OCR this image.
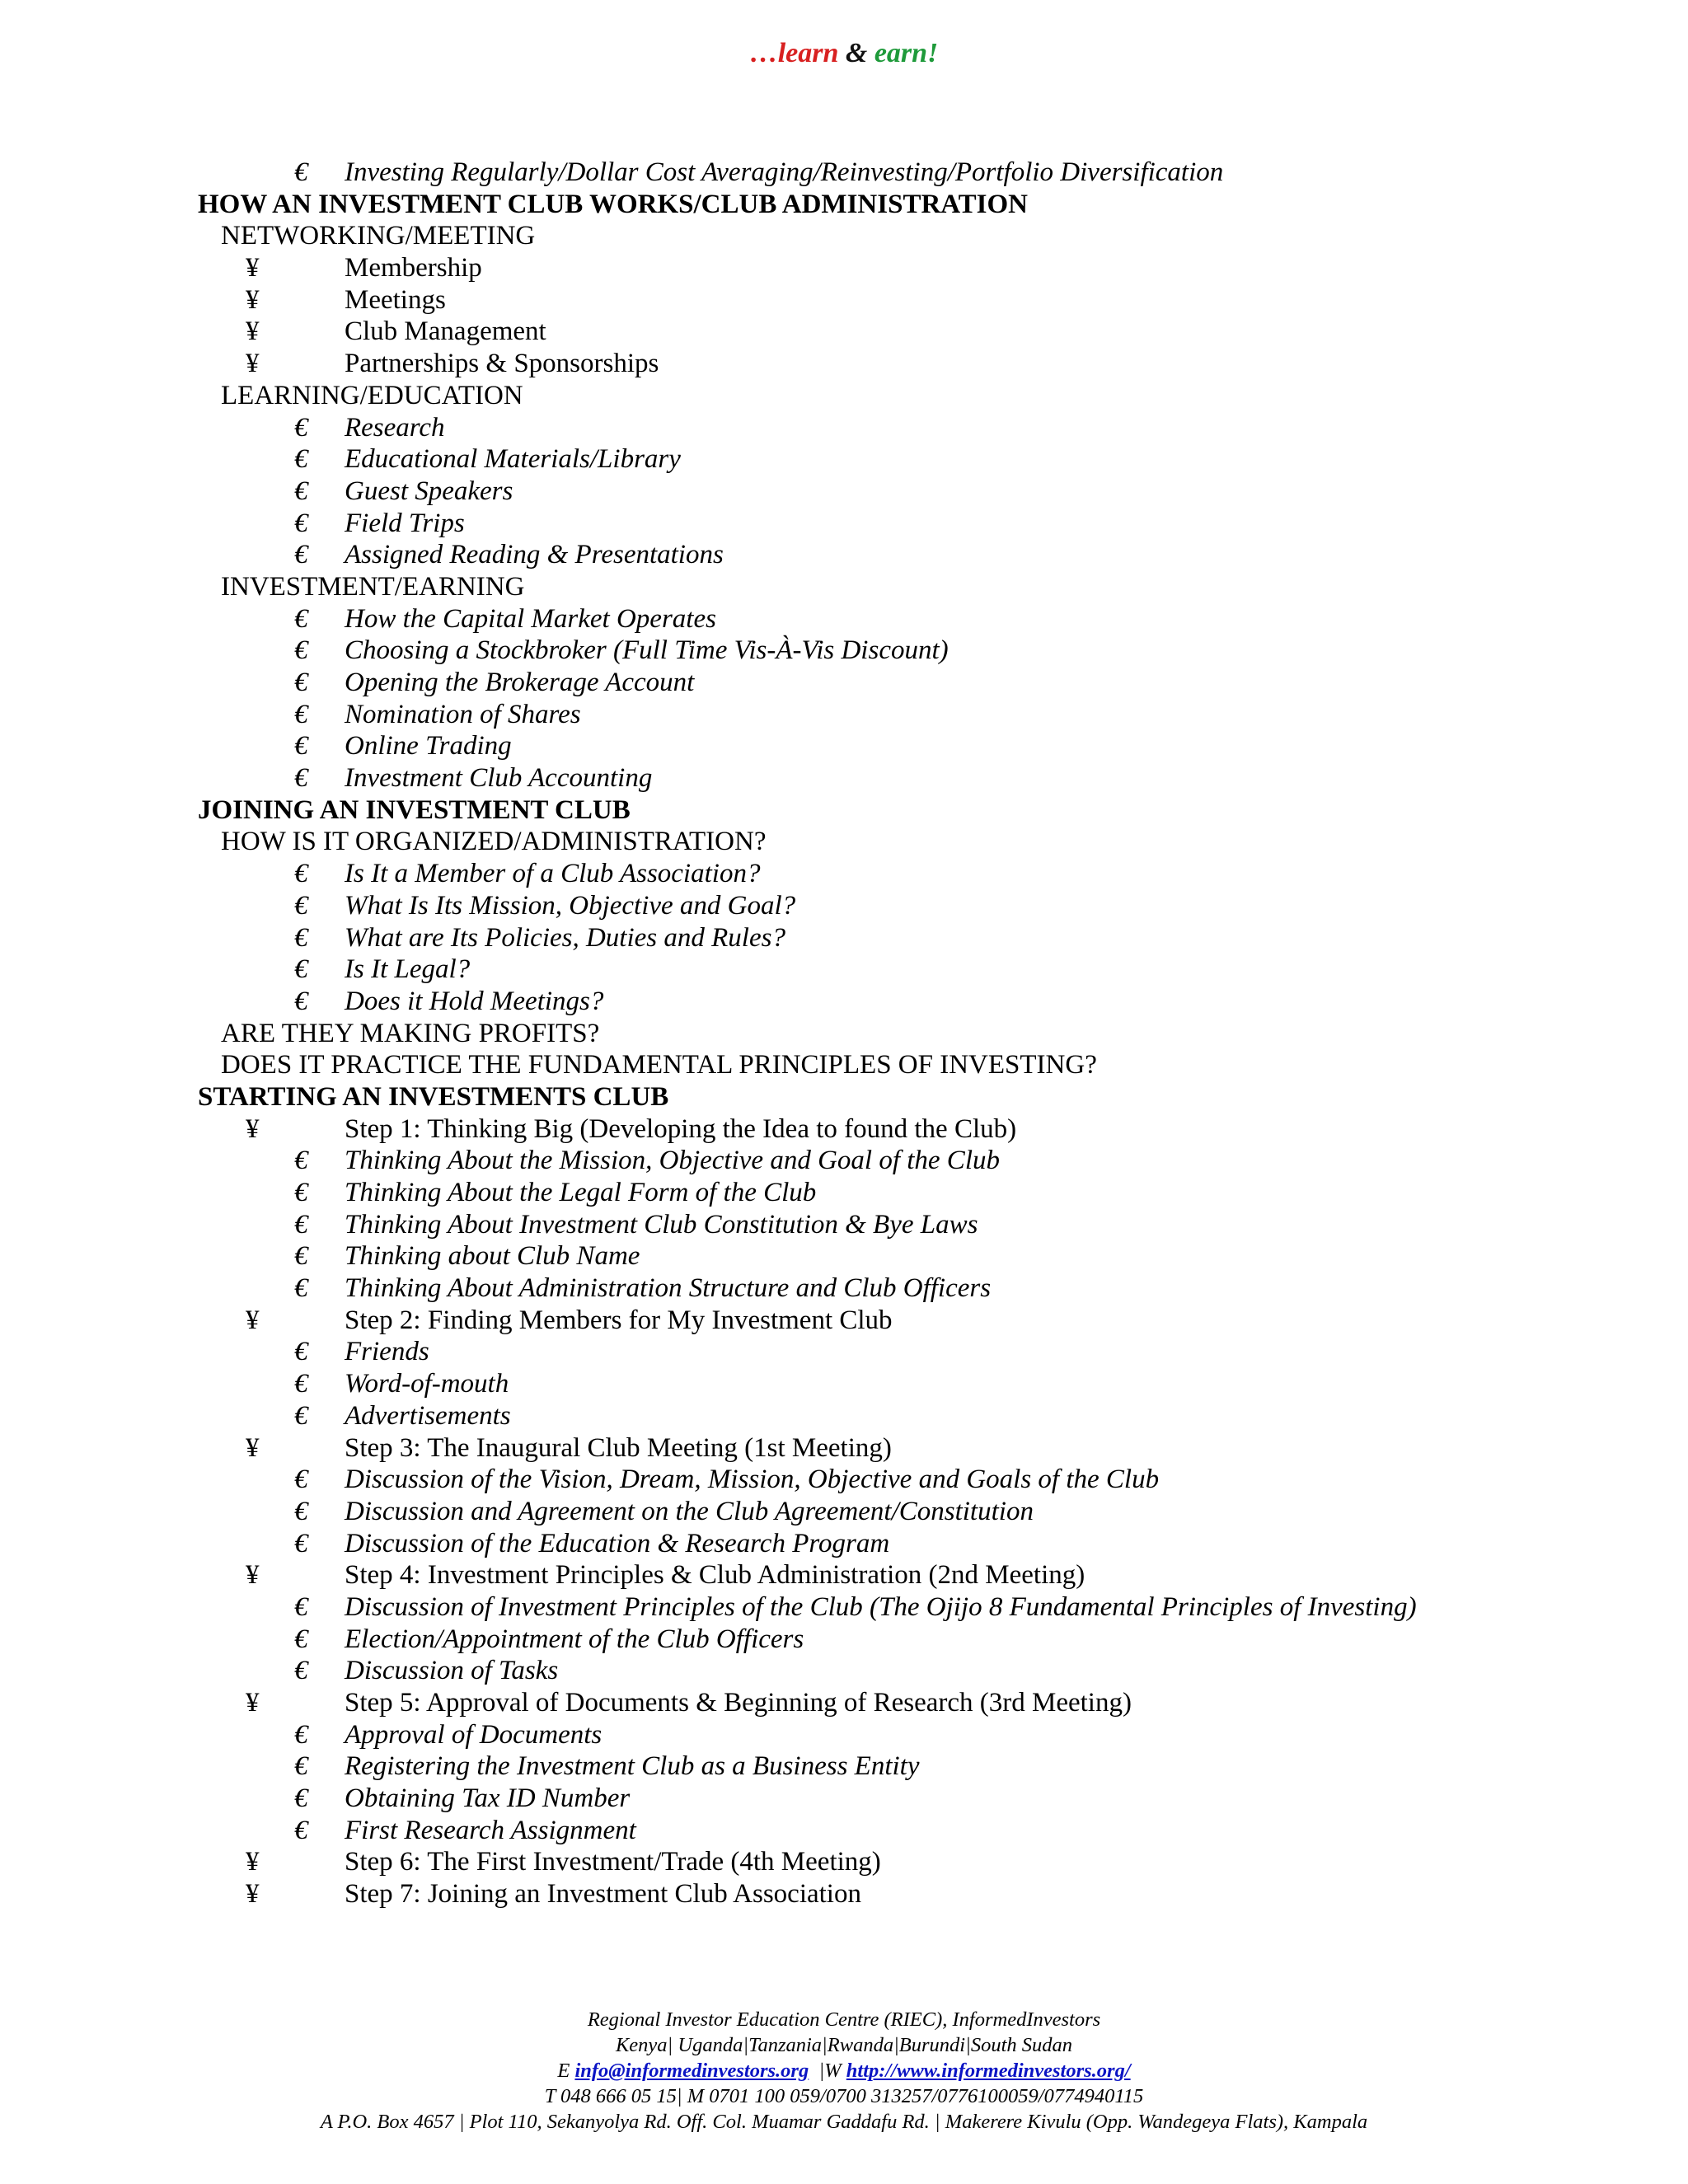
…learn & earn!
€ Investing Regularly/Dollar Cost Averaging/Reinvesting/Portfolio Diversification
HOW AN INVESTMENT CLUB WORKS/CLUB ADMINISTRATION
NETWORKING/MEETING
¥	Membership
¥	Meetings
¥	Club Management
¥	Partnerships & Sponsorships
LEARNING/EDUCATION
€ Research
€ Educational Materials/Library
€ Guest Speakers
€ Field Trips
€ Assigned Reading & Presentations
INVESTMENT/EARNING
€ How the Capital Market Operates
€ Choosing a Stockbroker (Full Time Vis-À-Vis Discount)
€ Opening the Brokerage Account
€ Nomination of Shares
€ Online Trading
€ Investment Club Accounting
JOINING AN INVESTMENT CLUB
HOW IS IT ORGANIZED/ADMINISTRATION?
€ Is It a Member of a Club Association?
€ What Is Its Mission, Objective and Goal?
€ What are Its Policies, Duties and Rules?
€ Is It Legal?
€ Does it Hold Meetings?
ARE THEY MAKING PROFITS?
DOES IT PRACTICE THE FUNDAMENTAL PRINCIPLES OF INVESTING?
STARTING AN INVESTMENTS CLUB
¥	Step 1: Thinking Big (Developing the Idea to found the Club)
€ Thinking About the Mission, Objective and Goal of the Club
€ Thinking About the Legal Form of the Club
€ Thinking About Investment Club Constitution & Bye Laws
€ Thinking about Club Name
€ Thinking About Administration Structure and Club Officers
¥	Step 2: Finding Members for My Investment Club
€ Friends
€ Word-of-mouth
€ Advertisements
¥	Step 3: The Inaugural Club Meeting (1st Meeting)
€ Discussion of the Vision, Dream, Mission, Objective and Goals of the Club
€ Discussion and Agreement on the Club Agreement/Constitution
€ Discussion of the Education & Research Program
¥	Step 4: Investment Principles & Club Administration (2nd Meeting)
€ Discussion of Investment Principles of the Club (The Ojijo 8 Fundamental Principles of Investing)
€ Election/Appointment of the Club Officers
€ Discussion of Tasks
¥	Step 5: Approval of Documents & Beginning of Research (3rd Meeting)
€ Approval of Documents
€ Registering the Investment Club as a Business Entity
€ Obtaining Tax ID Number
€ First Research Assignment
¥	Step 6: The First Investment/Trade (4th Meeting)
¥	Step 7: Joining an Investment Club Association
Regional Investor Education Centre (RIEC), InformedInvestors
Kenya| Uganda|Tanzania|Rwanda|Burundi|South Sudan
E info@informedinvestors.org  |W http://www.informedinvestors.org/
T 048 666 05 15| M 0701 100 059/0700 313257/0776100059/0774940115
A P.O. Box 4657 | Plot 110, Sekanyolya Rd. Off. Col. Muamar Gaddafu Rd. | Makerere Kivulu (Opp. Wandegeya Flats), Kampala
